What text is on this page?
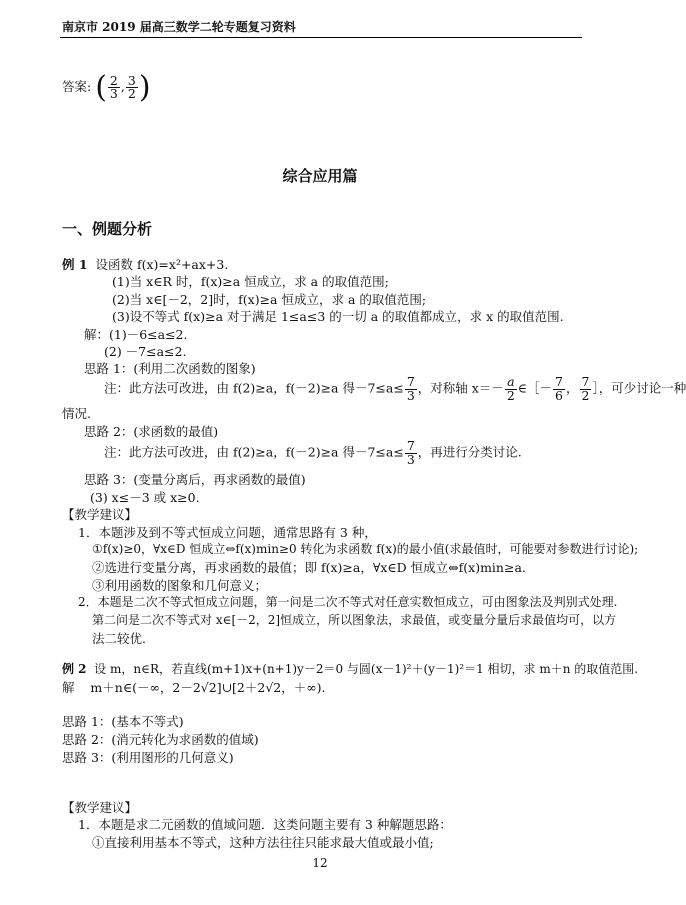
南京市 2019 届高三数学二轮专题复习资料
答案: ( $\frac{2}{3}$ , $\frac{3}{2}$ )
综合应用篇
一、例题分析
例 1 设函数 f(x)=x²+ax+3.
(1)当 x∈R 时，f(x)≥a 恒成立，求 a 的取值范围;
(2)当 x∈[－2，2]时，f(x)≥a 恒成立，求 a 的取值范围;
(3)设不等式 f(x)≥a 对于满足 1≤a≤3 的一切 a 的取值都成立，求 x 的取值范围.
解：(1)－6≤a≤2.
(2) －7≤a≤2.
思路 1：(利用二次函数的图象)
注：此方法可改进，由 f(2)≥a，f(－2)≥a 得$-7\le a\le \frac{7}{3}$ ，对称轴 $x=- \frac{a}{2}$ ∈［－ $\frac{7}{6}$ ， $\frac{7}{2}$ ］，可少讨论一种
情况.
思路 2：(求函数的最值)
注：此方法可改进，由 f(2)≥a，f(－2)≥a 得$-7\le a\le \frac{7}{3}$ ，再进行分类讨论.
思路 3：(变量分离后，再求函数的最值)
(3) x≤－3 或 x≥0.
【教学建议】
1．本题涉及到不等式恒成立问题，通常思路有 3 种，
①f(x)≥0，∀x∈D 恒成立⇔f(x)min≥0 转化为求函数 f(x)的最小值(求最值时，可能要对参数进行讨论);
②选进行变量分离，再求函数的最值；即 f(x)≥a，∀x∈D 恒成立⇔f(x)min≥a.
③利用函数的图象和几何意义；
2．本题是二次不等式恒成立问题，第一问是二次不等式对任意实数恒成立，可由图象法及判别式处理.
第二问是二次不等式对 x∈[－2，2]恒成立，所以图象法，求最值，或变量分量后求最值均可，以方
法二较优.
例 2 设 m，n∈R，若直线(m+1)x+(n+1)y－2＝0 与圆(x－1)²＋(y－1)²＝1 相切，求 m＋n 的取值范围.
解 m＋n∈(－∞，2－2√2]∪[2＋2√2，＋∞).
思路 1：(基本不等式)
思路 2：(消元转化为求函数的值域)
思路 3：(利用图形的几何意义)
【教学建议】
1．本题是求二元函数的值域问题．这类问题主要有 3 种解题思路：
①直接利用基本不等式，这种方法往往只能求最大值或最小值;
12
